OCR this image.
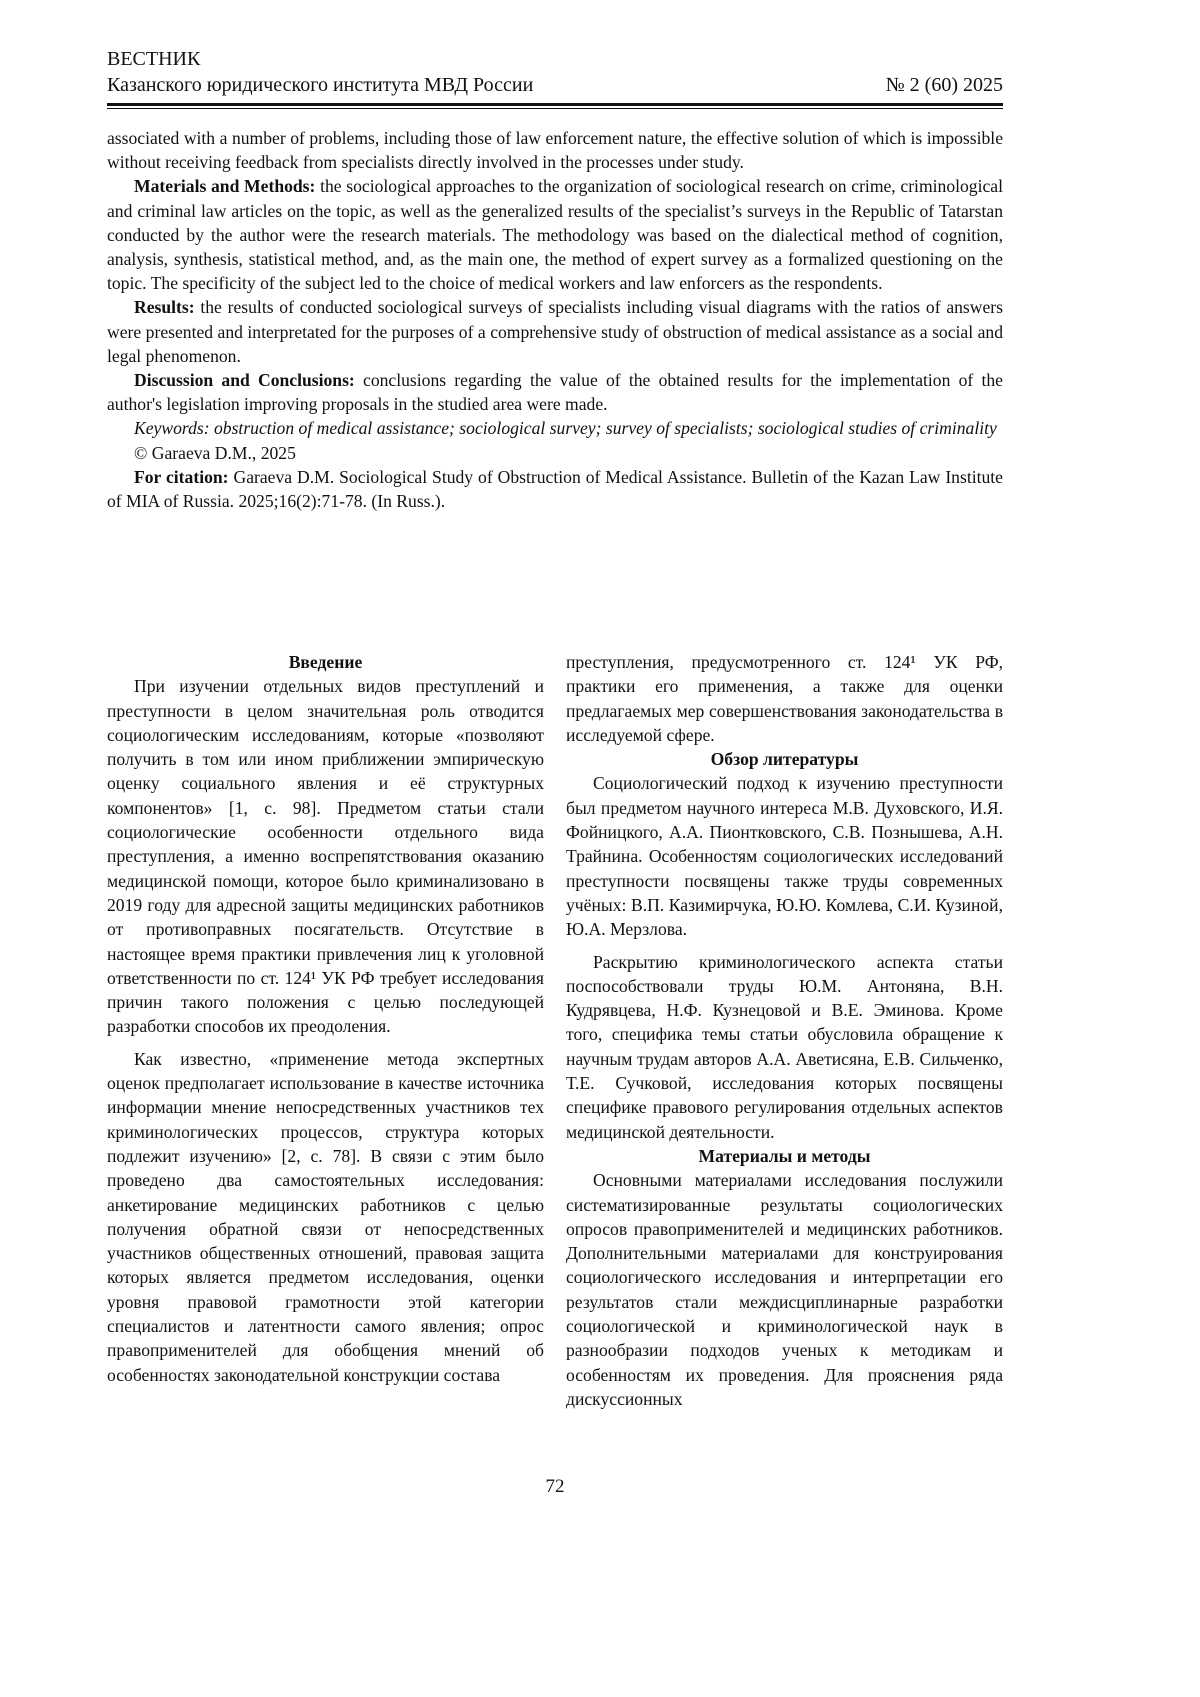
ВЕСТНИК
Казанского юридического института МВД России	№ 2 (60) 2025

associated with a number of problems, including those of law enforcement nature, the effective solution of which is impossible without receiving feedback from specialists directly involved in the processes under study.

Materials and Methods: the sociological approaches to the organization of sociological research on crime, criminological and criminal law articles on the topic, as well as the generalized results of the specialist’s surveys in the Republic of Tatarstan conducted by the author were the research materials. The methodology was based on the dialectical method of cognition, analysis, synthesis, statistical method, and, as the main one, the method of expert survey as a formalized questioning on the topic. The specificity of the subject led to the choice of medical workers and law enforcers as the respondents.

Results: the results of conducted sociological surveys of specialists including visual diagrams with the ratios of answers were presented and interpretated for the purposes of a comprehensive study of obstruction of medical assistance as a social and legal phenomenon.

Discussion and Conclusions: conclusions regarding the value of the obtained results for the implementation of the author's legislation improving proposals in the studied area were made.

Keywords: obstruction of medical assistance; sociological survey; survey of specialists; sociological studies of criminality

© Garaeva D.M., 2025

For citation: Garaeva D.M. Sociological Study of Obstruction of Medical Assistance. Bulletin of the Kazan Law Institute of MIA of Russia. 2025;16(2):71-78. (In Russ.).

Введение

При изучении отдельных видов преступлений и преступности в целом значительная роль отводится социологическим исследованиям, которые «позволяют получить в том или ином приближении эмпирическую оценку социального явления и её структурных компонентов» [1, с. 98]. Предметом статьи стали социологические особенности отдельного вида преступления, а именно воспрепятствования оказанию медицинской помощи, которое было криминализовано в 2019 году для адресной защиты медицинских работников от противоправных посягательств. Отсутствие в настоящее время практики привлечения лиц к уголовной ответственности по ст. 124¹ УК РФ требует исследования причин такого положения с целью последующей разработки способов их преодоления.

Как известно, «применение метода экспертных оценок предполагает использование в качестве источника информации мнение непосредственных участников тех криминологических процессов, структура которых подлежит изучению» [2, с. 78]. В связи с этим было проведено два самостоятельных исследования: анкетирование медицинских работников с целью получения обратной связи от непосредственных участников общественных отношений, правовая защита которых является предметом исследования, оценки уровня правовой грамотности этой категории специалистов и латентности самого явления; опрос правоприменителей для обобщения мнений об особенностях законодательной конструкции состава

преступления, предусмотренного ст. 124¹ УК РФ, практики его применения, а также для оценки предлагаемых мер совершенствования законодательства в исследуемой сфере.

Обзор литературы

Социологический подход к изучению преступности был предметом научного интереса М.В. Духовского, И.Я. Фойницкого, А.А. Пионтковского, С.В. Познышева, А.Н. Трайнина. Особенностям социологических исследований преступности посвящены также труды современных учёных: В.П. Казимирчука, Ю.Ю. Комлева, С.И. Кузиной, Ю.А. Мерзлова.

Раскрытию криминологического аспекта статьи поспособствовали труды Ю.М. Антоняна, В.Н. Кудрявцева, Н.Ф. Кузнецовой и В.Е. Эминова. Кроме того, специфика темы статьи обусловила обращение к научным трудам авторов А.А. Аветисяна, Е.В. Сильченко, Т.Е. Сучковой, исследования которых посвящены специфике правового регулирования отдельных аспектов медицинской деятельности.

Материалы и методы

Основными материалами исследования послужили систематизированные результаты социологических опросов правоприменителей и медицинских работников. Дополнительными материалами для конструирования социологического исследования и интерпретации его результатов стали междисциплинарные разработки социологической и криминологической наук в разнообразии подходов ученых к методикам и особенностям их проведения. Для прояснения ряда дискуссионных

72
